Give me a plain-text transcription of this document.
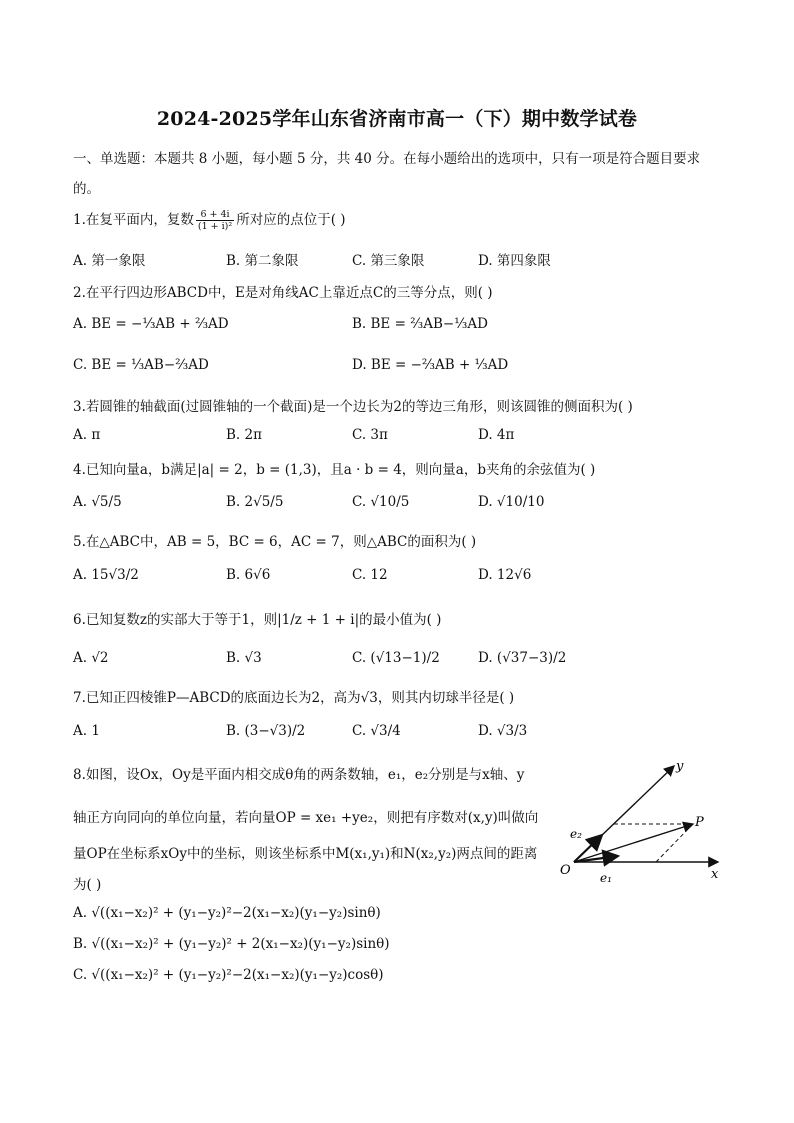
2024-2025学年山东省济南市高一（下）期中数学试卷
一、单选题：本题共 8 小题，每小题 5 分，共 40 分。在每小题给出的选项中，只有一项是符合题目要求
的。
1.在复平面内，复数 $\frac{6 + 4i}{\text{(1 + i)²}}$ 所对应的点位于( )
A. 第一象限	B. 第二象限	C. 第三象限	D. 第四象限
2.在平行四边形ABCD中，E是对角线AC上靠近点C的三等分点，则( )
A. BE = −⅓AB + ⅔AD	B. BE = ⅔AB−⅓AD
C. BE = ⅓AB−⅔AD	D. BE = −⅔AB + ⅓AD
3.若圆锥的轴截面(过圆锥轴的一个截面)是一个边长为2的等边三角形，则该圆锥的侧面积为( )
A. π	B. 2π	C. 3π	D. 4π
4.已知向量a，b满足|a| = 2，b = (1,3)，且a · b = 4，则向量a，b夹角的余弦值为( )
A. √5/5	B. 2√5/5	C. √10/5	D. √10/10
5.在△ABC中，AB = 5，BC = 6，AC = 7，则△ABC的面积为( )
A. 15√3/2	B. 6√6	C. 12	D. 12√6
6.已知复数z的实部大于等于1，则|1/z + 1 + i|的最小值为( )
A. √2	B. √3	C. (√13−1)/2	D. (√37−3)/2
7.已知正四棱锥P—ABCD的底面边长为2，高为√3，则其内切球半径是( )
A. 1	B. (3−√3)/2	C. √3/4	D. √3/3
8.如图，设Ox，Oy是平面内相交成θ角的两条数轴，e₁，e₂分别是与x轴、y
轴正方向同向的单位向量，若向量OP = xe₁ +ye₂，则把有序数对(x,y)叫做向
量OP在坐标系xOy中的坐标，则该坐标系中M(x₁,y₁)和N(x₂,y₂)两点间的距离
为( )
A. √((x₁−x₂)² + (y₁−y₂)²−2(x₁−x₂)(y₁−y₂)sinθ)
B. √((x₁−x₂)² + (y₁−y₂)² + 2(x₁−x₂)(y₁−y₂)sinθ)
C. √((x₁−x₂)² + (y₁−y₂)²−2(x₁−x₂)(y₁−y₂)cosθ)
y
x
O
P
e₁
e₂
